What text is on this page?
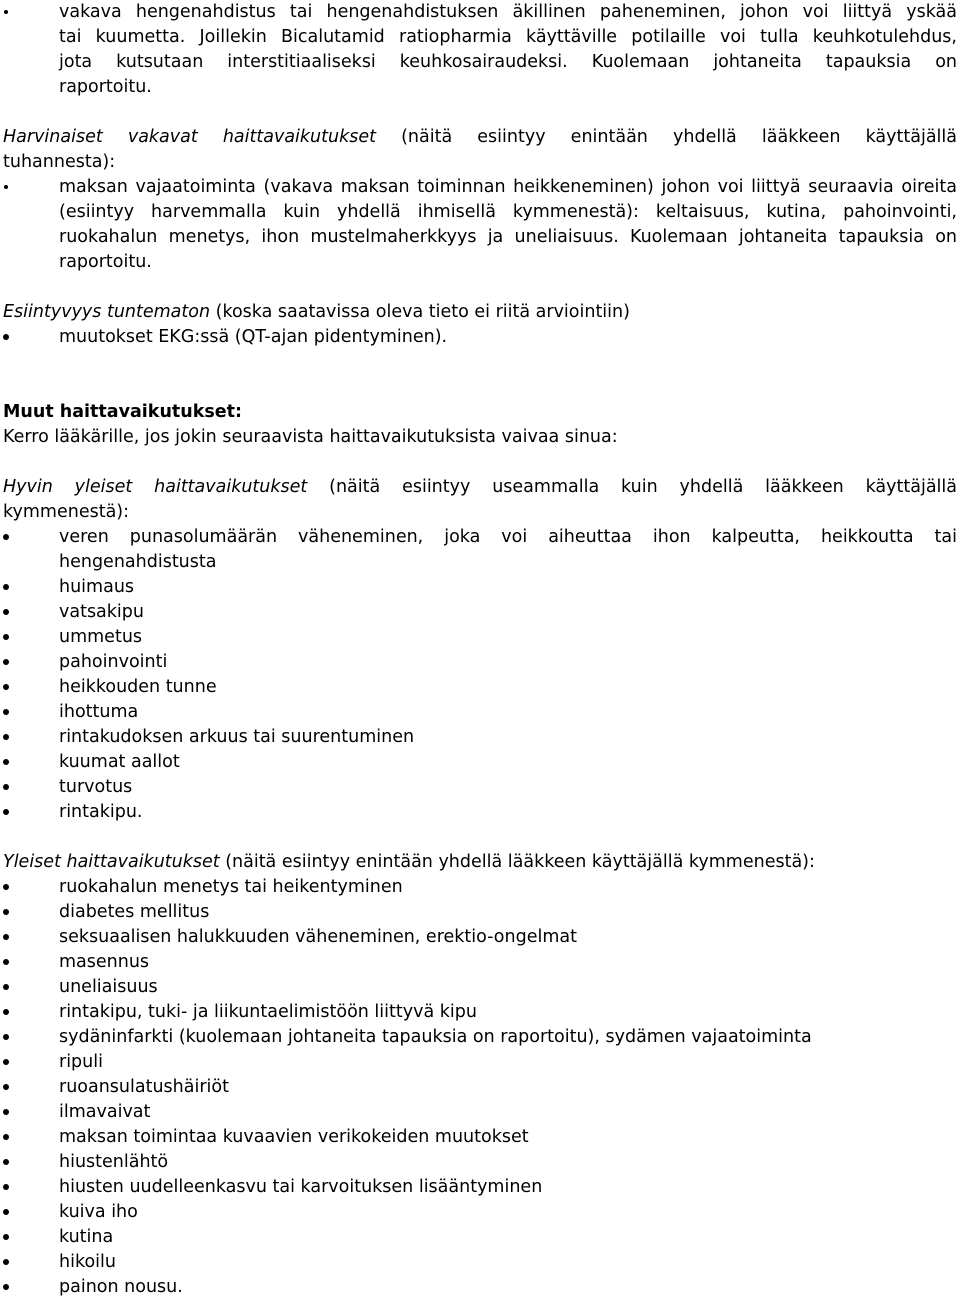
vakava hengenahdistus tai hengenahdistuksen äkillinen paheneminen, johon voi liittyä yskää
tai kuumetta. Joillekin Bicalutamid ratiopharmia käyttäville potilaille voi tulla keuhkotulehdus,
jota kutsutaan interstitiaaliseksi keuhkosairaudeksi. Kuolemaan johtaneita tapauksia on
raportoitu.

Harvinaiset vakavat haittavaikutukset (näitä esiintyy enintään yhdellä lääkkeen käyttäjällä

tuhannesta):

maksan vajaatoiminta (vakava maksan toiminnan heikkeneminen) johon voi liittyä seuraavia oireita (esiintyy harvemmalla kuin yhdellä ihmisellä kymmenestä): keltaisuus, kutina, pahoinvointi, ruokahalun menetys, ihon mustelmaherkkyys ja uneliaisuus. Kuolemaan johtaneita tapauksia on raportoitu.

Esiintyvyys tuntematon (koska saatavissa oleva tieto ei riitä arviointiin)

muutokset EKG:ssä (QT-ajan pidentyminen).

Muut haittavaikutukset:

Kerro lääkärille, jos jokin seuraavista haittavaikutuksista vaivaa sinua:

Hyvin yleiset haittavaikutukset (näitä esiintyy useammalla kuin yhdellä lääkkeen käyttäjällä

kymmenestä):

veren punasolumäärän väheneminen, joka voi aiheuttaa ihon kalpeutta, heikkoutta tai hengenahdistusta
huimaus
vatsakipu
ummetus
pahoinvointi
heikkouden tunne
ihottuma
rintakudoksen arkuus tai suurentuminen
kuumat aallot
turvotus
rintakipu.

Yleiset haittavaikutukset (näitä esiintyy enintään yhdellä lääkkeen käyttäjällä kymmenestä):

ruokahalun menetys tai heikentyminen
diabetes mellitus
seksuaalisen halukkuuden väheneminen, erektio-ongelmat
masennus
uneliaisuus
rintakipu, tuki- ja liikuntaelimistöön liittyvä kipu
sydäninfarkti (kuolemaan johtaneita tapauksia on raportoitu), sydämen vajaatoiminta
ripuli
ruoansulatushäiriöt
ilmavaivat
maksan toimintaa kuvaavien verikokeiden muutokset
hiustenlähtö
hiusten uudelleenkasvu tai karvoituksen lisääntyminen
kuiva iho
kutina
hikoilu
painon nousu.
